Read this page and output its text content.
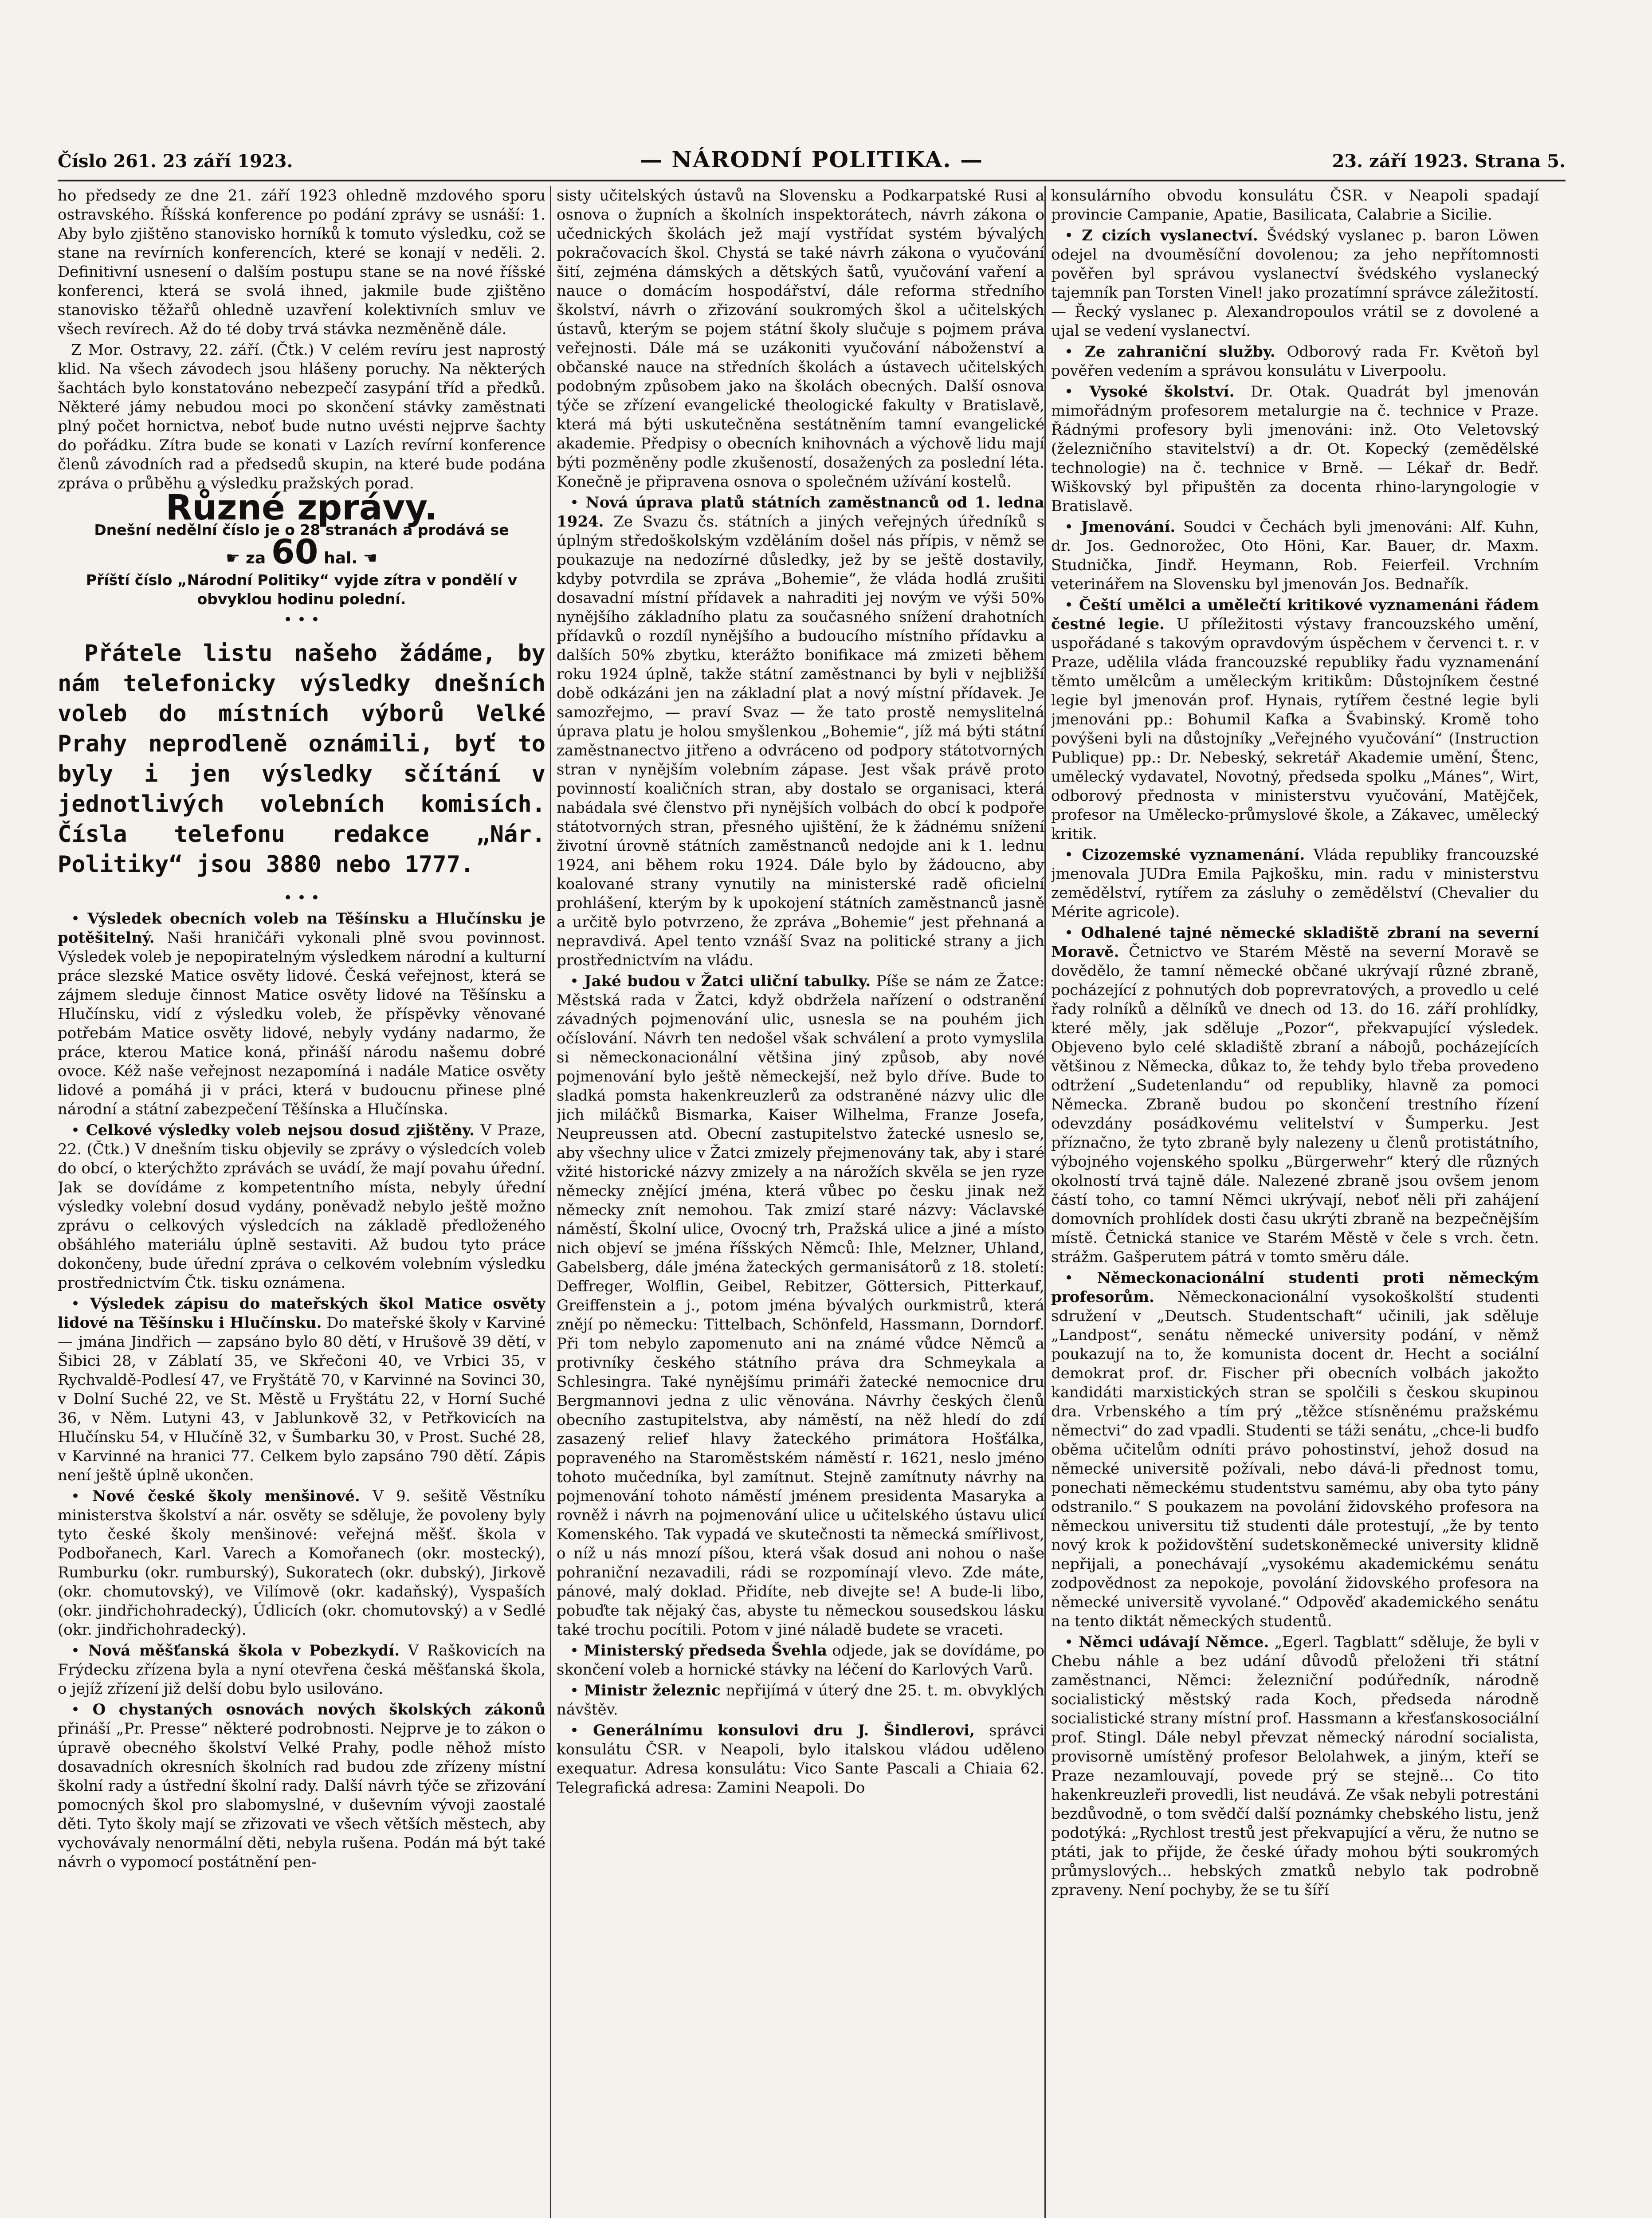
Číslo 261. 23 září 1923.	— NÁRODNÍ POLITIKA. —	23. září 1923. Strana 5.

ho předsedy ze dne 21. září 1923 ohledně mzdového sporu ostravského. Říšská konference po podání zprávy se usnáší: 1. Aby bylo zjištěno stanovisko horníků k tomuto výsledku, což se stane na revírních konferencích, které se konají v neděli. 2. Definitivní usnesení o dalším postupu stane se na nové říšské konferenci, která se svolá ihned, jakmile bude zjištěno stanovisko těžařů ohledně uzavření kolektivních smluv ve všech revírech. Až do té doby trvá stávka nezměněně dále.

Z Mor. Ostravy, 22. září. (Čtk.) V celém revíru jest naprostý klid. Na všech závodech jsou hlášeny poruchy. Na některých šachtách bylo konstatováno nebezpečí zasypání tříd a předků. Některé jámy nebudou moci po skončení stávky zaměstnati plný počet hornictva, neboť bude nutno uvésti nejprve šachty do pořádku. Zítra bude se konati v Lazích revírní konference členů závodních rad a předsedů skupin, na které bude podána zpráva o průběhu a výsledku pražských porad.

Různé zprávy.
Dnešní nedělní číslo je o 28 stranách a prodává se
☛ za 60 hal. ☚
Příští číslo „Národní Politiky“ vyjde zítra v pondělí v obvyklou hodinu polední.
• • •
Přátele listu našeho žádáme, by nám telefonicky výsledky dnešních voleb do místních výborů Velké Prahy neprodleně oznámili, byť to byly i jen výsledky sčítání v jednotlivých volebních komisích. Čísla telefonu redakce „Nár. Politiky“ jsou 3880 nebo 1777.
• • •

• Výsledek obecních voleb na Těšínsku a Hlučínsku je potěšitelný. Naši hraničáři vykonali plně svou povinnost. Výsledek voleb je nepopiratelným výsledkem národní a kulturní práce slezské Matice osvěty lidové. Česká veřejnost, která se zájmem sleduje činnost Matice osvěty lidové na Těšínsku a Hlučínsku, vidí z výsledku voleb, že příspěvky věnované potřebám Matice osvěty lidové, nebyly vydány nadarmo, že práce, kterou Matice koná, přináší národu našemu dobré ovoce. Kéž naše veřejnost nezapomíná i nadále Matice osvěty lidové a pomáhá ji v práci, která v budoucnu přinese plné národní a státní zabezpečení Těšínska a Hlučínska.

• Celkové výsledky voleb nejsou dosud zjištěny. V Praze, 22. (Čtk.) V dnešním tisku objevily se zprávy o výsledcích voleb do obcí, o kterýchžto zprávách se uvádí, že mají povahu úřední. Jak se dovídáme z kompetentního místa, nebyly úřední výsledky volební dosud vydány, poněvadž nebylo ještě možno zprávu o celkových výsledcích na základě předloženého obšáhlého materiálu úplně sestaviti. Až budou tyto práce dokončeny, bude úřední zpráva o celkovém volebním výsledku prostřednictvím Čtk. tisku oznámena.

• Výsledek zápisu do mateřských škol Matice osvěty lidové na Těšínsku i Hlučínsku. Do mateřské školy v Karviné — jmána Jindřich — zapsáno bylo 80 dětí, v Hrušově 39 dětí, v Šibici 28, v Záblatí 35, ve Skřečoni 40, ve Vrbici 35, v Rychvaldě-Podlesí 47, ve Fryštátě 70, v Karvinné na Sovinci 30, v Dolní Suché 22, ve St. Městě u Fryštátu 22, v Horní Suché 36, v Něm. Lutyni 43, v Jablunkově 32, v Petřkovicích na Hlučínsku 54, v Hlučíně 32, v Šumbarku 30, v Prost. Suché 28, v Karvinné na hranici 77. Celkem bylo zapsáno 790 dětí. Zápis není ještě úplně ukončen.

• Nové české školy menšinové. V 9. sešitě Věstníku ministerstva školství a nár. osvěty se sděluje, že povoleny byly tyto české školy menšinové: veřejná měšť. škola v Podbořanech, Karl. Varech a Komořanech (okr. mostecký), Rumburku (okr. rumburský), Sukoratech (okr. dubský), Jirkově (okr. chomutovský), ve Vilímově (okr. kadaňský), Vyspaších (okr. jindřichohradecký), Údlicích (okr. chomutovský) a v Sedlé (okr. jindřichohradecký).

• Nová měšťanská škola v Pobezkydí. V Raškovicích na Frýdecku zřízena byla a nyní otevřena česká měšťanská škola, o jejíž zřízení již delší dobu bylo usilováno.

• O chystaných osnovách nových školských zákonů přináší „Pr. Presse“ některé podrobnosti. Nejprve je to zákon o úpravě obecného školství Velké Prahy, podle něhož místo dosavadních okresních školních rad budou zde zřízeny místní školní rady a ústřední školní rady. Další návrh týče se zřizování pomocných škol pro slabomyslné, v duševním vývoji zaostalé děti. Tyto školy mají se zřizovati ve všech větších městech, aby vychovávaly nenormální děti, nebyla rušena. Podán má být také návrh o vypomocí postátnění pen-

sisty učitelských ústavů na Slovensku a Podkarpatské Rusi a osnova o župních a školních inspektorátech, návrh zákona o učednických školách jež mají vystřídat systém bývalých pokračovacích škol. Chystá se také návrh zákona o vyučování šití, zejména dámských a dětských šatů, vyučování vaření a nauce o domácím hospodářství, dále reforma středního školství, návrh o zřizování soukromých škol a učitelských ústavů, kterým se pojem státní školy slučuje s pojmem práva veřejnosti. Dále má se uzákoniti vyučování náboženství a občanské nauce na středních školách a ústavech učitelských podobným způsobem jako na školách obecných. Další osnova týče se zřízení evangelické theologické fakulty v Bratislavě, která má býti uskutečněna sestátněním tamní evangelické akademie. Předpisy o obecních knihovnách a výchově lidu mají býti pozměněny podle zkušeností, dosažených za poslední léta. Konečně je připravena osnova o společném užívání kostelů.

• Nová úprava platů státních zaměstnanců od 1. ledna 1924. Ze Svazu čs. státních a jiných veřejných úředníků s úplným středoškolským vzděláním došel nás přípis, v němž se poukazuje na nedozírné důsledky, jež by se ještě dostavily, kdyby potvrdila se zpráva „Bohemie“, že vláda hodlá zrušiti dosavadní místní přídavek a nahraditi jej novým ve výši 50% nynějšího základního platu za současného snížení drahotních přídavků o rozdíl nynějšího a budoucího místního přídavku a dalších 50% zbytku, kterážto bonifikace má zmizeti během roku 1924 úplně, takže státní zaměstnanci by byli v nejbližší době odkázáni jen na základní plat a nový místní přídavek. Je samozřejmo, — praví Svaz — že tato prostě nemyslitelná úprava platu je holou smyšlenkou „Bohemie“, jíž má býti státní zaměstnanectvo jitřeno a odvráceno od podpory státotvorných stran v nynějším volebním zápase. Jest však právě proto povinností koaličních stran, aby dostalo se organisaci, která nabádala své členstvo při nynějších volbách do obcí k podpoře státotvorných stran, přesného ujištění, že k žádnému snížení životní úrovně státních zaměstnanců nedojde ani k 1. lednu 1924, ani během roku 1924. Dále bylo by žádoucno, aby koalované strany vynutily na ministerské radě oficielní prohlášení, kterým by k upokojení státních zaměstnanců jasně a určitě bylo potvrzeno, že zpráva „Bohemie“ jest přehnaná a nepravdivá. Apel tento vznáší Svaz na politické strany a jich prostřednictvím na vládu.

• Jaké budou v Žatci uliční tabulky. Píše se nám ze Žatce: Městská rada v Žatci, když obdržela nařízení o odstranění závadných pojmenování ulic, usnesla se na pouhém jich očíslování. Návrh ten nedošel však schválení a proto vymyslila si německonacionální většina jiný způsob, aby nové pojmenování bylo ještě německejší, než bylo dříve. Bude to sladká pomsta hakenkreuzlerů za odstraněné názvy ulic dle jich miláčků Bismarka, Kaiser Wilhelma, Franze Josefa, Neupreussen atd. Obecní zastupitelstvo žatecké usneslo se, aby všechny ulice v Žatci zmizely přejmenovány tak, aby i staré vžité historické názvy zmizely a na nárožích skvěla se jen ryze německy znějící jména, která vůbec po česku jinak než německy znít nemohou. Tak zmizí staré názvy: Václavské náměstí, Školní ulice, Ovocný trh, Pražská ulice a jiné a místo nich objeví se jména říšských Němců: Ihle, Melzner, Uhland, Gabelsberg, dále jména žateckých germanisátorů z 18. století: Deffreger, Wolflin, Geibel, Rebitzer, Göttersich, Pitterkauf, Greiffenstein a j., potom jména bývalých ourkmistrů, která znějí po německu: Tittelbach, Schönfeld, Hassmann, Dorndorf. Při tom nebylo zapomenuto ani na známé vůdce Němců a protivníky českého státního práva dra Schmeykala a Schlesingra. Také nynějšímu primáři žatecké nemocnice dru Bergmannovi jedna z ulic věnována. Návrhy českých členů obecního zastupitelstva, aby náměstí, na něž hledí do zdí zasazený relief hlavy žateckého primátora Hošťálka, popraveného na Staroměstském náměstí r. 1621, neslo jméno tohoto mučedníka, byl zamítnut. Stejně zamítnuty návrhy na pojmenování tohoto náměstí jménem presidenta Masaryka a rovněž i návrh na pojmenování ulice u učitelského ústavu ulicí Komenského. Tak vypadá ve skutečnosti ta německá smířlivost, o níž u nás mnozí píšou, která však dosud ani nohou o naše pohraniční nezavadili, rádi se rozpomínají vlevo. Zde máte, pánové, malý doklad. Přidíte, neb divejte se! A bude-li libo, pobuďte tak nějaký čas, abyste tu německou sousedskou lásku také trochu pocítili. Potom v jiné náladě budete se vraceti.

• Ministerský předseda Švehla odjede, jak se dovídáme, po skončení voleb a hornické stávky na léčení do Karlových Varů.

• Ministr železnic nepřijímá v úterý dne 25. t. m. obvyklých návštěv.

• Generálnímu konsulovi dru J. Šindlerovi, správci konsulátu ČSR. v Neapoli, bylo italskou vládou uděleno exequatur. Adresa konsulátu: Vico Sante Pascali a Chiaia 62. Telegrafická adresa: Zamini Neapoli. Do

konsulárního obvodu konsulátu ČSR. v Neapoli spadají provincie Campanie, Apatie, Basilicata, Calabrie a Sicilie.

• Z cizích vyslanectví. Švédský vyslanec p. baron Löwen odejel na dvouměsíční dovolenou; za jeho nepřítomnosti pověřen byl správou vyslanectví švédského vyslanecký tajemník pan Torsten Vinel! jako prozatímní správce záležitostí. — Řecký vyslanec p. Alexandropoulos vrátil se z dovolené a ujal se vedení vyslanectví.

• Ze zahraniční služby. Odborový rada Fr. Květoň byl pověřen vedením a správou konsulátu v Liverpoolu.

• Vysoké školství. Dr. Otak. Quadrát byl jmenován mimořádným profesorem metalurgie na č. technice v Praze. Řádnými profesory byli jmenováni: inž. Oto Veletovský (železničního stavitelství) a dr. Ot. Kopecký (zemědělské technologie) na č. technice v Brně. — Lékař dr. Bedř. Wiškovský byl připuštěn za docenta rhino-laryngologie v Bratislavě.

• Jmenování. Soudci v Čechách byli jmenováni: Alf. Kuhn, dr. Jos. Gednorožec, Oto Höni, Kar. Bauer, dr. Maxm. Studnička, Jindř. Heymann, Rob. Feierfeil. Vrchním veterinářem na Slovensku byl jmenován Jos. Bednařík.

• Čeští umělci a umělečtí kritikové vyznamenáni řádem čestné legie. U příležitosti výstavy francouzského umění, uspořádané s takovým opravdovým úspěchem v červenci t. r. v Praze, udělila vláda francouzské republiky řadu vyznamenání těmto umělcům a uměleckým kritikům: Důstojníkem čestné legie byl jmenován prof. Hynais, rytířem čestné legie byli jmenováni pp.: Bohumil Kafka a Švabinský. Kromě toho povýšeni byli na důstojníky „Veřejného vyučování“ (Instruction Publique) pp.: Dr. Nebeský, sekretář Akademie umění, Štenc, umělecký vydavatel, Novotný, předseda spolku „Mánes“, Wirt, odborový přednosta v ministerstvu vyučování, Matějček, profesor na Umělecko-průmyslové škole, a Zákavec, umělecký kritik.

• Cizozemské vyznamenání. Vláda republiky francouzské jmenovala JUDra Emila Pajkošku, min. radu v ministerstvu zemědělství, rytířem za zásluhy o zemědělství (Chevalier du Mérite agricole).

• Odhalené tajné německé skladiště zbraní na severní Moravě. Četnictvo ve Starém Městě na severní Moravě se dovědělo, že tamní německé občané ukrývají různé zbraně, pocházející z pohnutých dob poprevratových, a provedlo u celé řady rolníků a dělníků ve dnech od 13. do 16. září prohlídky, které měly, jak sděluje „Pozor“, překvapující výsledek. Objeveno bylo celé skladiště zbraní a nábojů, pocházejících většinou z Německa, důkaz to, že tehdy bylo třeba provedeno odtržení „Sudetenlandu“ od republiky, hlavně za pomoci Německa. Zbraně budou po skončení trestního řízení odevzdány posádkovému velitelství v Šumperku. Jest příznačno, že tyto zbraně byly nalezeny u členů protistátního, výbojného vojenského spolku „Bürgerwehr“ který dle různých okolností trvá tajně dále. Nalezené zbraně jsou ovšem jenom částí toho, co tamní Němci ukrývají, neboť něli při zahájení domovních prohlídek dosti času ukrýti zbraně na bezpečnějším místě. Četnická stanice ve Starém Městě v čele s vrch. četn. strážm. Gašperutem pátrá v tomto směru dále.

• Německonacionální studenti proti německým profesorům. Německonacionální vysokoškolští studenti sdružení v „Deutsch. Studentschaft“ učinili, jak sděluje „Landpost“, senátu německé university podání, v němž poukazují na to, že komunista docent dr. Hecht a sociální demokrat prof. dr. Fischer při obecních volbách jakožto kandidáti marxistických stran se spolčili s českou skupinou dra. Vrbenského a tím prý „těžce stísněnému pražskému němectvi“ do zad vpadli. Studenti se táži senátu, „chce-li budfo oběma učitelům odníti právo pohostinství, jehož dosud na německé universitě požívali, nebo dává-li přednost tomu, ponechati německému studentstvu samému, aby oba tyto pány odstranilo.“ S poukazem na povolání židovského profesora na německou universitu tiž studenti dále protestují, „že by tento nový krok k požidovštění sudetskoněmecké university klidně nepřijali, a ponechávají „vysokému akademickému senátu zodpovědnost za nepokoje, povolání židovského profesora na německé universitě vyvolané.“ Odpověď akademického senátu na tento diktát německých studentů.

• Němci udávají Němce. „Egerl. Tagblatt“ sděluje, že byli v Chebu náhle a bez udání důvodů přeloženi tři státní zaměstnanci, Němci: železniční podúředník, národně socialistický městský rada Koch, předseda národně socialistické strany místní prof. Hassmann a křesťanskosociální prof. Stingl. Dále nebyl převzat německý národní socialista, provisorně umístěný profesor Belolahwek, a jiným, kteří se Praze nezamlouvají, povede prý se stejně... Co tito hakenkreuzleři provedli, list neudává. Ze však nebyli potrestáni bezdůvodně, o tom svědčí další poznámky chebského listu, jenž podotýká: „Rychlost trestů jest překvapující a věru, že nutno se ptáti, jak to přijde, že české úřady mohou býti soukromých průmyslových... hebských zmatků nebylo tak podrobně zpraveny. Není pochyby, že se tu šíří
